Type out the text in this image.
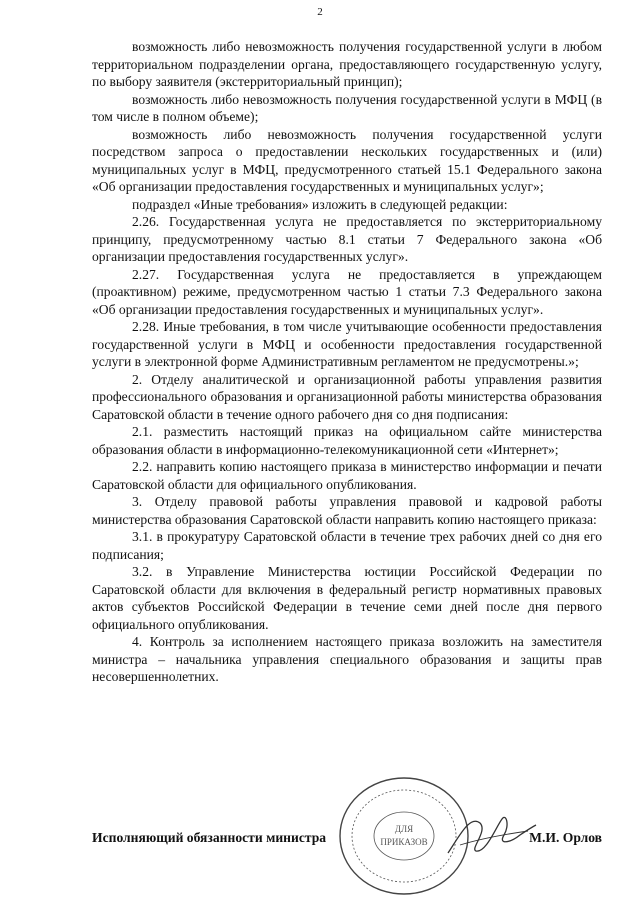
2

возможность либо невозможность получения государственной услуги в любом территориальном подразделении органа, предоставляющего государственную услугу, по выбору заявителя (экстерриториальный принцип);

возможность либо невозможность получения государственной услуги в МФЦ (в том числе в полном объеме);

возможность либо невозможность получения государственной услуги посредством запроса о предоставлении нескольких государственных и (или) муниципальных услуг в МФЦ, предусмотренного статьей 15.1 Федерального закона «Об организации предоставления государственных и муниципальных услуг»;

подраздел «Иные требования» изложить в следующей редакции:

2.26. Государственная услуга не предоставляется по экстерриториальному принципу, предусмотренному частью 8.1 статьи 7 Федерального закона «Об организации предоставления государственных услуг».

2.27. Государственная услуга не предоставляется в упреждающем (проактивном) режиме, предусмотренном частью 1 статьи 7.3 Федерального закона «Об организации предоставления государственных и муниципальных услуг».

2.28. Иные требования, в том числе учитывающие особенности предоставления государственной услуги в МФЦ и особенности предоставления государственной услуги в электронной форме Административным регламентом не предусмотрены.»;

2. Отделу аналитической и организационной работы управления развития профессионального образования и организационной работы министерства образования Саратовской области в течение одного рабочего дня со дня подписания:

2.1. разместить настоящий приказ на официальном сайте министерства образования области в информационно-телекомуникационной сети «Интернет»;

2.2. направить копию настоящего приказа в министерство информации и печати Саратовской области для официального опубликования.

3. Отделу правовой работы управления правовой и кадровой работы министерства образования Саратовской области направить копию настоящего приказа:

3.1. в прокуратуру Саратовской области в течение трех рабочих дней со дня его подписания;

3.2. в Управление Министерства юстиции Российской Федерации по Саратовской области для включения в федеральный регистр нормативных правовых актов субъектов Российской Федерации в течение семи дней после дня первого официального опубликования.

4. Контроль за исполнением настоящего приказа возложить на заместителя министра – начальника управления специального образования и защиты прав несовершеннолетних.

ДЛЯ
ПРИКАЗОВ
Исполняющий обязанности министра	М.И. Орлов
